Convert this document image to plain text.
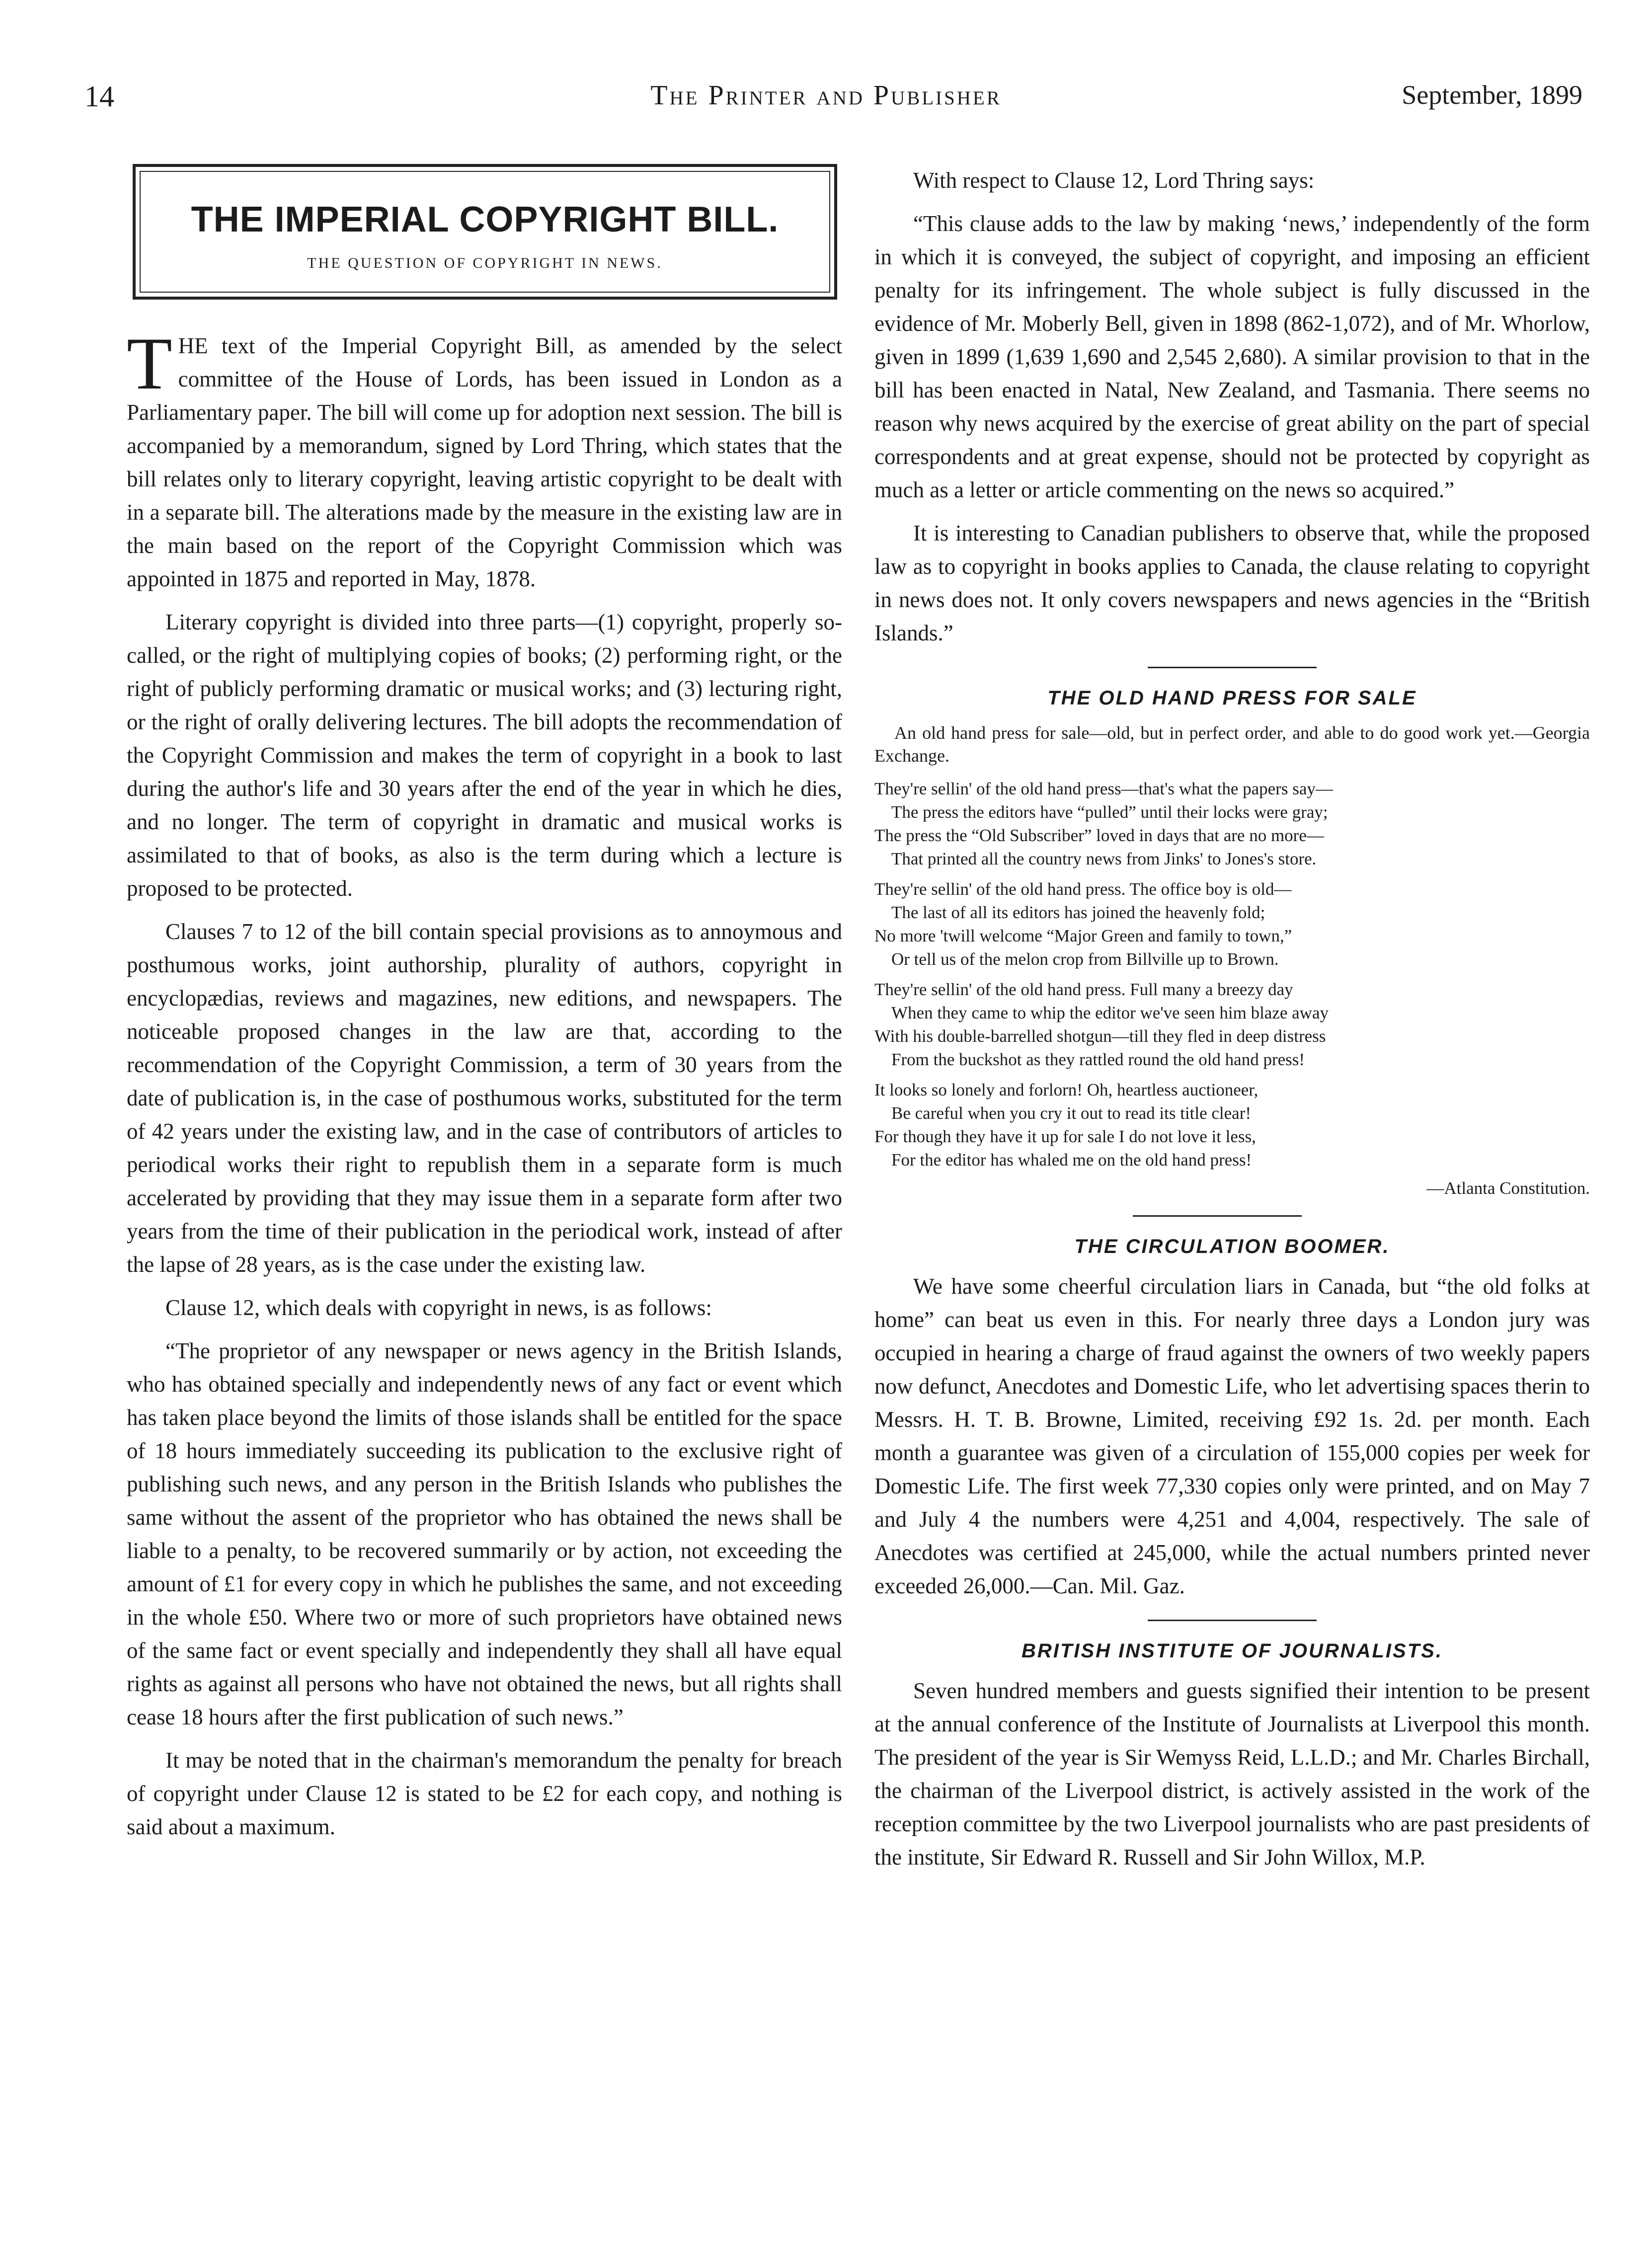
14	The Printer and Publisher	September, 1899
THE IMPERIAL COPYRIGHT BILL.
THE QUESTION OF COPYRIGHT IN NEWS.

THE text of the Imperial Copyright Bill, as amended by the select committee of the House of Lords, has been issued in London as a Parliamentary paper. The bill will come up for adoption next session. The bill is accompanied by a memorandum, signed by Lord Thring, which states that the bill relates only to literary copyright, leaving artistic copyright to be dealt with in a separate bill. The alterations made by the measure in the existing law are in the main based on the report of the Copyright Commission which was appointed in 1875 and reported in May, 1878.

Literary copyright is divided into three parts—(1) copyright, properly so-called, or the right of multiplying copies of books; (2) performing right, or the right of publicly performing dramatic or musical works; and (3) lecturing right, or the right of orally delivering lectures. The bill adopts the recommendation of the Copyright Commission and makes the term of copyright in a book to last during the author's life and 30 years after the end of the year in which he dies, and no longer. The term of copyright in dramatic and musical works is assimilated to that of books, as also is the term during which a lecture is proposed to be protected.

Clauses 7 to 12 of the bill contain special provisions as to annoymous and posthumous works, joint authorship, plurality of authors, copyright in encyclopædias, reviews and magazines, new editions, and newspapers. The noticeable proposed changes in the law are that, according to the recommendation of the Copyright Commission, a term of 30 years from the date of publication is, in the case of posthumous works, substituted for the term of 42 years under the existing law, and in the case of contributors of articles to periodical works their right to republish them in a separate form is much accelerated by providing that they may issue them in a separate form after two years from the time of their publication in the periodical work, instead of after the lapse of 28 years, as is the case under the existing law.

Clause 12, which deals with copyright in news, is as follows:

“The proprietor of any newspaper or news agency in the British Islands, who has obtained specially and independently news of any fact or event which has taken place beyond the limits of those islands shall be entitled for the space of 18 hours immediately succeeding its publication to the exclusive right of publishing such news, and any person in the British Islands who publishes the same without the assent of the proprietor who has obtained the news shall be liable to a penalty, to be recovered summarily or by action, not exceeding the amount of £1 for every copy in which he publishes the same, and not exceeding in the whole £50. Where two or more of such proprietors have obtained news of the same fact or event specially and independently they shall all have equal rights as against all persons who have not obtained the news, but all rights shall cease 18 hours after the first publication of such news.”

It may be noted that in the chairman's memorandum the penalty for breach of copyright under Clause 12 is stated to be £2 for each copy, and nothing is said about a maximum.

With respect to Clause 12, Lord Thring says:

“This clause adds to the law by making ‘news,’ independently of the form in which it is conveyed, the subject of copyright, and imposing an efficient penalty for its infringement. The whole subject is fully discussed in the evidence of Mr. Moberly Bell, given in 1898 (862-1,072), and of Mr. Whorlow, given in 1899 (1,639 1,690 and 2,545 2,680). A similar provision to that in the bill has been enacted in Natal, New Zealand, and Tasmania. There seems no reason why news acquired by the exercise of great ability on the part of special correspondents and at great expense, should not be protected by copyright as much as a letter or article commenting on the news so acquired.”

It is interesting to Canadian publishers to observe that, while the proposed law as to copyright in books applies to Canada, the clause relating to copyright in news does not. It only covers newspapers and news agencies in the “British Islands.”

THE OLD HAND PRESS FOR SALE

An old hand press for sale—old, but in perfect order, and able to do good work yet.—Georgia Exchange.

They're sellin' of the old hand press—that's what the papers say—
The press the editors have “pulled” until their locks were gray;
The press the “Old Subscriber” loved in days that are no more—
That printed all the country news from Jinks' to Jones's store.
They're sellin' of the old hand press. The office boy is old—
The last of all its editors has joined the heavenly fold;
No more 'twill welcome “Major Green and family to town,”
Or tell us of the melon crop from Billville up to Brown.
They're sellin' of the old hand press. Full many a breezy day
When they came to whip the editor we've seen him blaze away
With his double-barrelled shotgun—till they fled in deep distress
From the buckshot as they rattled round the old hand press!
It looks so lonely and forlorn! Oh, heartless auctioneer,
Be careful when you cry it out to read its title clear!
For though they have it up for sale I do not love it less,
For the editor has whaled me on the old hand press!

—Atlanta Constitution.

THE CIRCULATION BOOMER.

We have some cheerful circulation liars in Canada, but “the old folks at home” can beat us even in this. For nearly three days a London jury was occupied in hearing a charge of fraud against the owners of two weekly papers now defunct, Anecdotes and Domestic Life, who let advertising spaces therin to Messrs. H. T. B. Browne, Limited, receiving £92 1s. 2d. per month. Each month a guarantee was given of a circulation of 155,000 copies per week for Domestic Life. The first week 77,330 copies only were printed, and on May 7 and July 4 the numbers were 4,251 and 4,004, respectively. The sale of Anecdotes was certified at 245,000, while the actual numbers printed never exceeded 26,000.—Can. Mil. Gaz.

BRITISH INSTITUTE OF JOURNALISTS.

Seven hundred members and guests signified their intention to be present at the annual conference of the Institute of Journalists at Liverpool this month. The president of the year is Sir Wemyss Reid, L.L.D.; and Mr. Charles Birchall, the chairman of the Liverpool district, is actively assisted in the work of the reception committee by the two Liverpool journalists who are past presidents of the institute, Sir Edward R. Russell and Sir John Willox, M.P.
